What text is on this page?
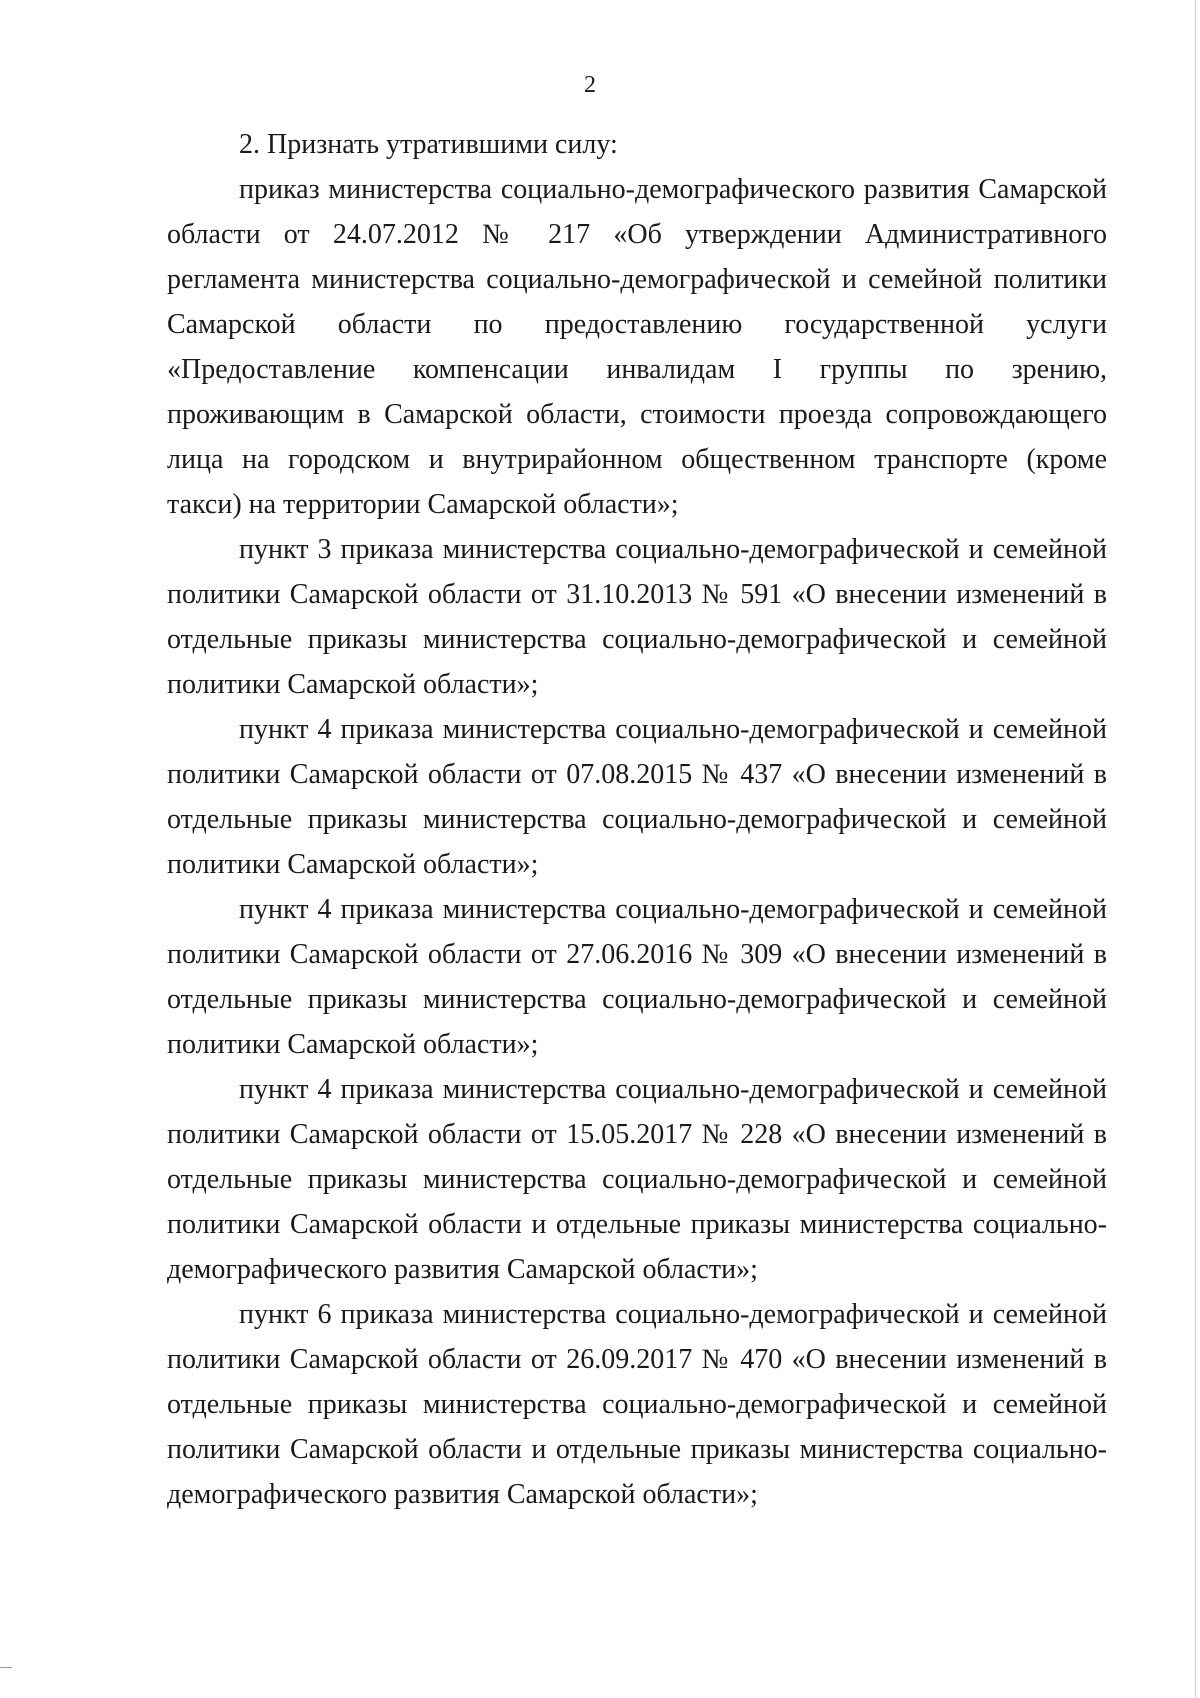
2

2. Признать утратившими силу:

приказ министерства социально-демографического развития Самарской области от 24.07.2012 № 217 «Об утверждении Административного регламента министерства социально-демографической и семейной политики Самарской области по предоставлению государственной услуги «Предоставление компенсации инвалидам I группы по зрению, проживающим в Самарской области, стоимости проезда сопровождающего лица на городском и внутрирайонном общественном транспорте (кроме такси) на территории Самарской области»;

пункт 3 приказа министерства социально-демографической и семейной политики Самарской области от 31.10.2013 № 591 «О внесении изменений в отдельные приказы министерства социально-демографической и семейной политики Самарской области»;

пункт 4 приказа министерства социально-демографической и семейной политики Самарской области от 07.08.2015 № 437 «О внесении изменений в отдельные приказы министерства социально-демографической и семейной политики Самарской области»;

пункт 4 приказа министерства социально-демографической и семейной политики Самарской области от 27.06.2016 № 309 «О внесении изменений в отдельные приказы министерства социально-демографической и семейной политики Самарской области»;

пункт 4 приказа министерства социально-демографической и семейной политики Самарской области от 15.05.2017 № 228 «О внесении изменений в отдельные приказы министерства социально-демографической и семейной политики Самарской области и отдельные приказы министерства социально-демографического развития Самарской области»;

пункт 6 приказа министерства социально-демографической и семейной политики Самарской области от 26.09.2017 № 470 «О внесении изменений в отдельные приказы министерства социально-демографической и семейной политики Самарской области и отдельные приказы министерства социально-демографического развития Самарской области»;
